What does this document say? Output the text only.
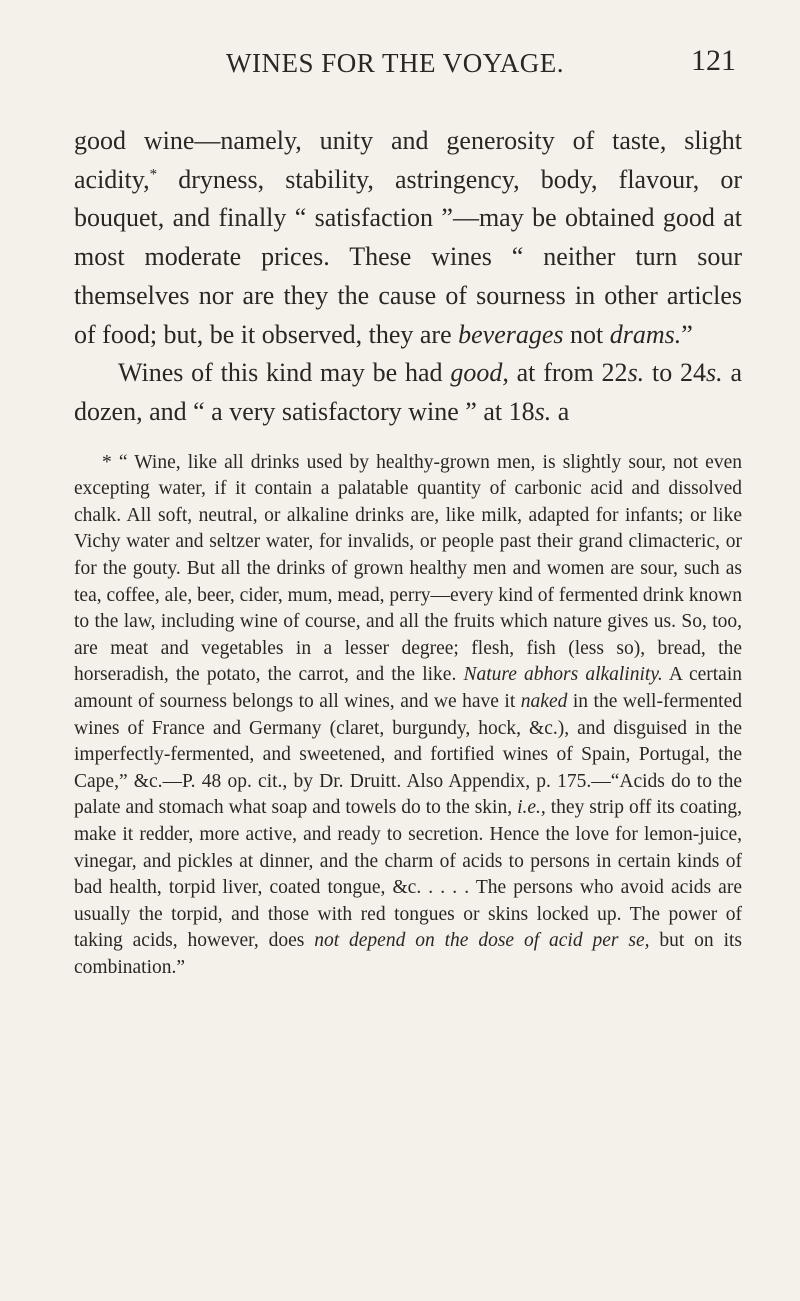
WINES FOR THE VOYAGE.	121

good wine—namely, unity and generosity of taste, slight acidity,* dryness, stability, astringency, body, flavour, or bouquet, and finally “ satisfaction ”—may be obtained good at most moderate prices. These wines “ neither turn sour themselves nor are they the cause of sourness in other articles of food; but, be it observed, they are beverages not drams.”

Wines of this kind may be had good, at from 22s. to 24s. a dozen, and “ a very satisfactory wine ” at 18s. a

* “ Wine, like all drinks used by healthy-grown men, is slightly sour, not even excepting water, if it contain a palatable quantity of carbonic acid and dissolved chalk. All soft, neutral, or alkaline drinks are, like milk, adapted for infants; or like Vichy water and seltzer water, for invalids, or people past their grand climacteric, or for the gouty. But all the drinks of grown healthy men and women are sour, such as tea, coffee, ale, beer, cider, mum, mead, perry—every kind of fermented drink known to the law, including wine of course, and all the fruits which nature gives us. So, too, are meat and vegetables in a lesser degree; flesh, fish (less so), bread, the horseradish, the potato, the carrot, and the like. Nature abhors alkalinity. A certain amount of sourness belongs to all wines, and we have it naked in the well-fermented wines of France and Germany (claret, burgundy, hock, &c.), and disguised in the imperfectly-fermented, and sweetened, and fortified wines of Spain, Portugal, the Cape,” &c.—P. 48 op. cit., by Dr. Druitt. Also Appendix, p. 175.—“Acids do to the palate and stomach what soap and towels do to the skin, i.e., they strip off its coating, make it redder, more active, and ready to secretion. Hence the love for lemon-juice, vinegar, and pickles at dinner, and the charm of acids to persons in certain kinds of bad health, torpid liver, coated tongue, &c. . . . . The persons who avoid acids are usually the torpid, and those with red tongues or skins locked up. The power of taking acids, however, does not depend on the dose of acid per se, but on its combination.”
